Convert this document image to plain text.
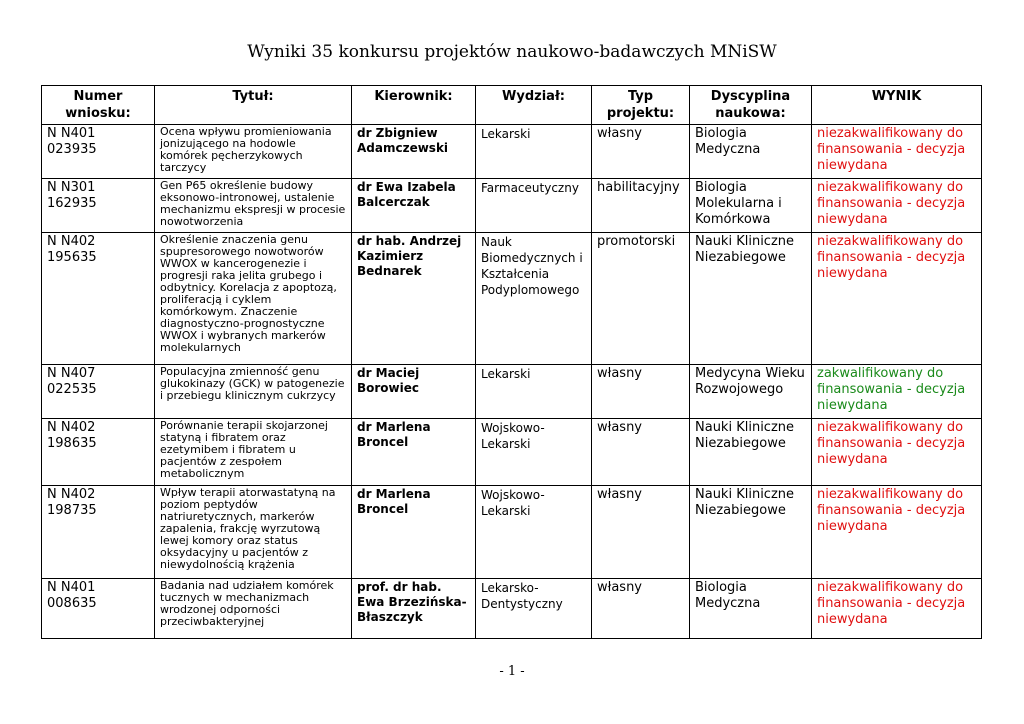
Wyniki 35 konkursu projektów naukowo-badawczych MNiSW
Numer wniosku:	Tytuł:	Kierownik:	Wydział:	Typ projektu:	Dyscyplina naukowa:	WYNIK
N N401 023935	Ocena wpływu promieniowania jonizującego na hodowle komórek pęcherzykowych tarczycy	dr Zbigniew Adamczewski	Lekarski	własny	Biologia Medyczna	niezakwalifikowany do finansowania - decyzja niewydana
N N301 162935	Gen P65 określenie budowy eksonowo-intronowej, ustalenie mechanizmu ekspresji w procesie nowotworzenia	dr Ewa Izabela Balcerczak	Farmaceutyczny	habilitacyjny	Biologia Molekularna i Komórkowa	niezakwalifikowany do finansowania - decyzja niewydana
N N402 195635	Określenie znaczenia genu spupresorowego nowotworów WWOX w kancerogenezie i progresji raka jelita grubego i odbytnicy. Korelacja z apoptozą, proliferacją i cyklem komórkowym. Znaczenie diagnostyczno-prognostyczne WWOX i wybranych markerów molekularnych	dr hab. Andrzej Kazimierz Bednarek	Nauk Biomedycznych i Kształcenia Podyplomowego	promotorski	Nauki Kliniczne Niezabiegowe	niezakwalifikowany do finansowania - decyzja niewydana
N N407 022535	Populacyjna zmienność genu glukokinazy (GCK) w patogenezie i przebiegu klinicznym cukrzycy	dr Maciej Borowiec	Lekarski	własny	Medycyna Wieku Rozwojowego	zakwalifikowany do finansowania - decyzja niewydana
N N402 198635	Porównanie terapii skojarzonej statyną i fibratem oraz ezetymibem i fibratem u pacjentów z zespołem metabolicznym	dr Marlena Broncel	Wojskowo-Lekarski	własny	Nauki Kliniczne Niezabiegowe	niezakwalifikowany do finansowania - decyzja niewydana
N N402 198735	Wpływ terapii atorwastatyną na poziom peptydów natriuretycznych, markerów zapalenia, frakcję wyrzutową lewej komory oraz status oksydacyjny u pacjentów z niewydolnością krążenia	dr Marlena Broncel	Wojskowo-Lekarski	własny	Nauki Kliniczne Niezabiegowe	niezakwalifikowany do finansowania - decyzja niewydana
N N401 008635	Badania nad udziałem komórek tucznych w mechanizmach wrodzonej odporności przeciwbakteryjnej	prof. dr hab. Ewa Brzezińska-Błaszczyk	Lekarsko-Dentystyczny	własny	Biologia Medyczna	niezakwalifikowany do finansowania - decyzja niewydana
- 1 -
